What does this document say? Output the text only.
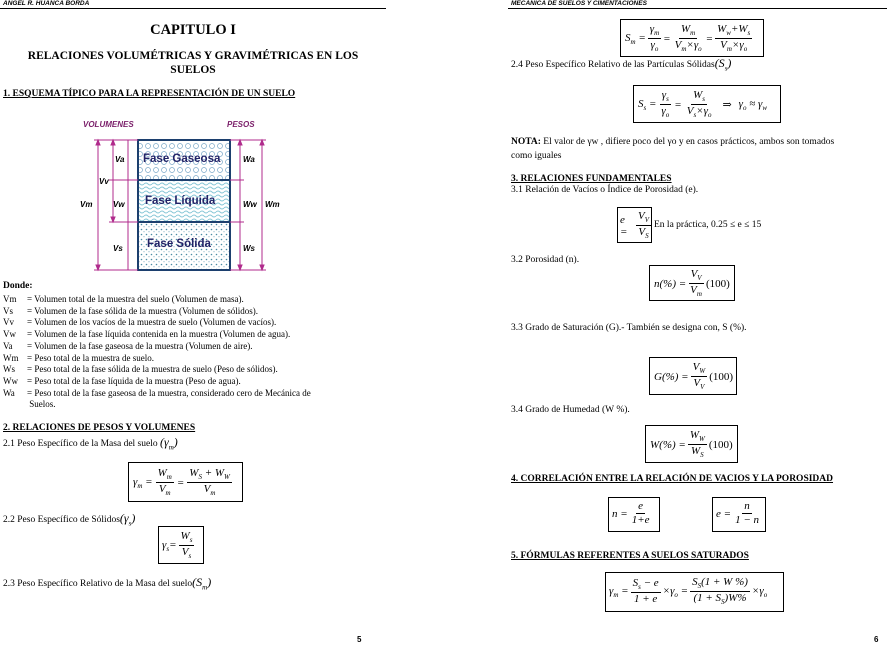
ANGEL R. HUANCA BORDA
CAPITULO I
RELACIONES VOLUMÉTRICAS Y GRAVIMÉTRICAS EN LOS
SUELOS
1. ESQUEMA TÍPICO PARA LA REPRESENTACIÓN DE UN SUELO
VOLUMENES	PESOS
Fase Gaseosa
Fase Líquida
Fase Sólida
Va
Vv
Vm	Vw
Vs
Wa
Ww Wm
Ws
Donde:
Vm = Volumen total de la muestra del suelo (Volumen de masa).
Vs = Volumen de la fase sólida de la muestra (Volumen de sólidos).
Vv = Volumen de los vacíos de la muestra de suelo (Volumen de vacíos).
Vw = Volumen de la fase líquida contenida en la muestra (Volumen de agua).
Va = Volumen de la fase gaseosa de la muestra (Volumen de aire).
Wm = Peso total de la muestra de suelo.
Ws = Peso total de la fase sólida de la muestra de suelo (Peso de sólidos).
Ww = Peso total de la fase líquida de la muestra (Peso de agua).
Wa = Peso total de la fase gaseosa de la muestra, considerado cero de Mecánica de
Suelos.
2. RELACIONES DE PESOS Y VOLUMENES
2.1 Peso Específico de la Masa del suelo $(\gamma_m)$
$\gamma_m = \frac{W_m}{V_m} = \frac{W_S + W_W}{V_m}$
2.2 Peso Específico de $Sólidos(\gamma_s)$
$\gamma_s= \frac{W_s}{V_s}$
2.3 Peso Específico Relativo de la Masa del $suelo(S_m)$
5
MECANICA DE SUELOS Y CIMENTACIONES
$S_m = \frac{\gamma_m}{\gamma_o} = \frac{W_m}{V_m\times\gamma_o} = \frac{W_w+W_s}{V_m\times\gamma_o}$
2.4 Peso Específico Relativo de las Partículas $Sólidas(S_s)$
$S_s = \frac{\gamma_s}{\gamma_o} = \frac{W_s}{V_s\times\gamma_o}$ ⇒ $\gamma_o \approx \gamma_w$
NOTA: El valor de γw , difiere poco del γo y en casos prácticos, ambos son tomados
como iguales
3. RELACIONES FUNDAMENTALES
3.1 Relación de Vacíos o Índice de Porosidad (e).
$e = \frac{V_V}{V_S}$ En la práctica, 0.25 ≤ e ≤ 15
3.2 Porosidad (n).
$n(\%) = \frac{V_V}{V_m} (100)$
3.3 Grado de Saturación (G).- También se designa con, S (%).
$G(\%) = \frac{V_W}{V_V} (100)$
3.4 Grado de Humedad (W %).
$W(\%) = \frac{W_W}{W_S} (100)$
4. CORRELACIÓN ENTRE LA RELACIÓN DE VACIOS Y LA POROSIDAD
$n = \frac{e}{1+e}$	$e = \frac{n}{1 - n}$
5. FÓRMULAS REFERENTES A SUELOS SATURADOS
$\gamma_m = \frac{S_s - e}{1 + e} \times\gamma_o = \frac{S_S(1 + W \%)}{(1 + S_S)W\%} \times\gamma_o$
6
